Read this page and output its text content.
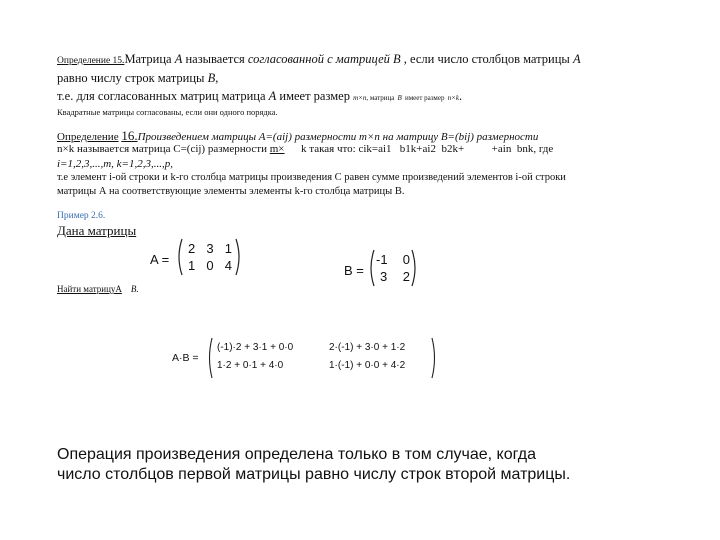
Определение 15.Матрица А называется согласованной с матрицей В , если число столбцов матрицы А
равно числу строк матрицы В,
т.е. для согласованных матриц матрица А имеет размер m×n, матрица В имеет размер n×k.
Квадратные матрицы согласованы, если они одного порядка.
Определение 16.Произведением матрицы A=(aij) размерности m×n на матрицу B=(bij) размерности
n×k называется матрица C=(cij) размерности m× k такая что: cik=ai1 b1k+ai2 b2k+	+ain bnk, где
i=1,2,3,...,m, k=1,2,3,...,p,
т.е элемент i-ой строки и k-го столбца матрицы произведения С равен сумме произведений элементов i-ой строки
матрицы А на соответствующие элементы элементы k-го столбца матрицы В.
Пример 2.6.
Дана матрицы
A =
2 3 1
1 0 4	B =
-1 0
3 2
Найти матрицуА В.
A·B =
(-1)·2 + 3·1 + 0·0	2·(-1) + 3·0 + 1·2
1·2 + 0·1 + 4·0	1·(-1) + 0·0 + 4·2
Операция произведения определена только в том случае, когда
число столбцов первой матрицы равно числу строк второй матрицы.
